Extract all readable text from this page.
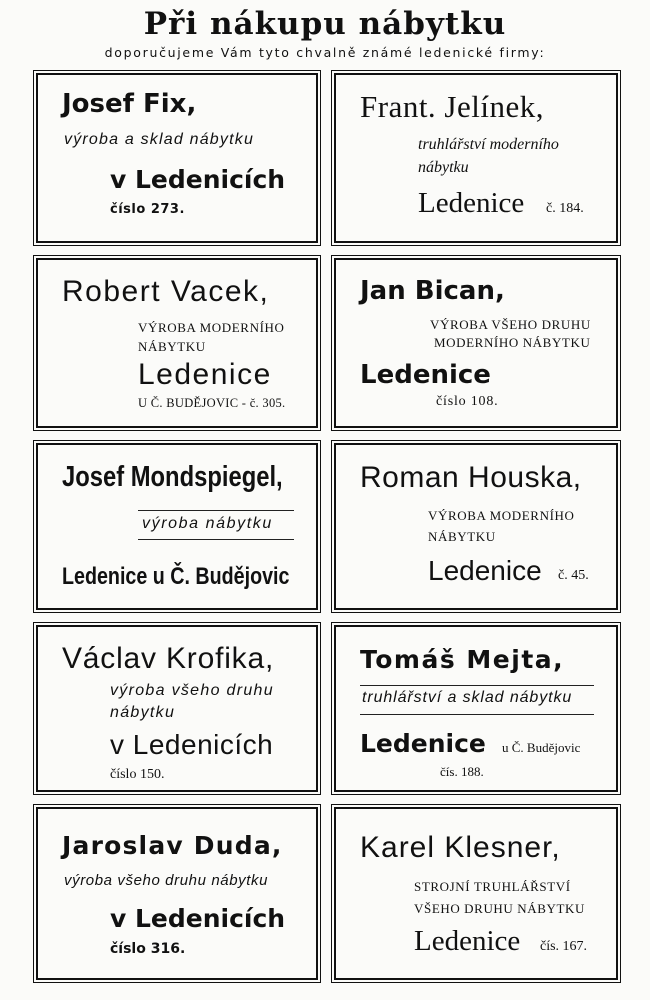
Při nákupu nábytku
doporučujeme Vám tyto chvalně známé ledenické firmy:
Josef Fix,
výroba a sklad nábytku
v Ledenicích
číslo 273.
Frant. Jelínek,
truhlářství moderního
nábytku
Ledenice č. 184.
Robert Vacek,
VÝROBA MODERNÍHO
NÁBYTKU
Ledenice
U Č. BUDĚJOVIC - č. 305.
Jan Bican,
VÝROBA VŠEHO DRUHU
MODERNÍHO NÁBYTKU
Ledenice
číslo 108.
Josef Mondspiegel,
výroba nábytku
Ledenice u Č. Budějovic
Roman Houska,
VÝROBA MODERNÍHO
NÁBYTKU
Ledenice č. 45.
Václav Krofika,
výroba všeho druhu
nábytku
v Ledenicích
číslo 150.
Tomáš Mejta,
truhlářství a sklad nábytku
Ledenice u Č. Budějovic
čís. 188.
Jaroslav Duda,
výroba všeho druhu nábytku
v Ledenicích
číslo 316.
Karel Klesner,
STROJNÍ TRUHLÁŘSTVÍ
VŠEHO DRUHU NÁBYTKU
Ledenice čís. 167.
